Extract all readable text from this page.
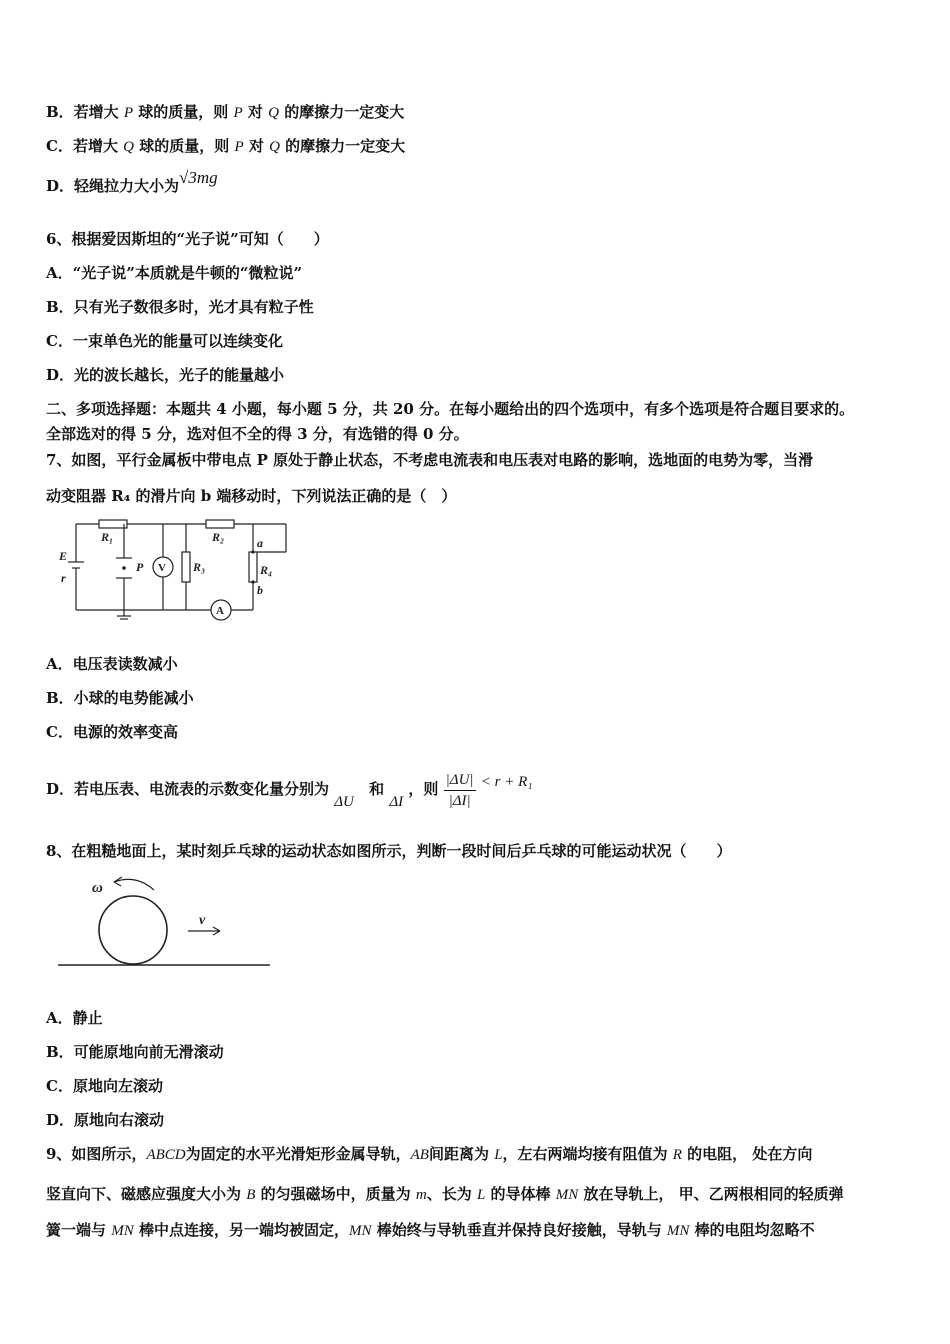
B．若增大 P 球的质量，则 P 对 Q 的摩擦力一定变大
C．若增大 Q 球的质量，则 P 对 Q 的摩擦力一定变大
D．轻绳拉力大小为√3mg
6、根据爱因斯坦的“光子说”可知（　　）
A．“光子说”本质就是牛顿的“微粒说”
B．只有光子数很多时，光才具有粒子性
C．一束单色光的能量可以连续变化
D．光的波长越长，光子的能量越小
二、多项选择题：本题共 4 小题，每小题 5 分，共 20 分。在每小题给出的四个选项中，有多个选项是符合题目要求的。
全部选对的得 5 分，选对但不全的得 3 分，有选错的得 0 分。
7、如图，平行金属板中带电点 P 原处于静止状态，不考虑电流表和电压表对电路的影响，选地面的电势为零，当滑
动变阻器 R₄ 的滑片向 b 端移动时，下列说法正确的是（　）
E
r
R₁	R₂
R₃	R₄
P V
A
a
b
A．电压表读数减小
B．小球的电势能减小
C．电源的效率变高
D．若电压表、电流表的示数变化量分别为 ΔU 和 ΔI ，则 $\frac{|\Delta U|}{|\Delta I|} < r + R_1$
8、在粗糙地面上，某时刻乒乓球的运动状态如图所示，判断一段时间后乒乓球的可能运动状况（　　）
ω
v
A．静止
B．可能原地向前无滑滚动
C．原地向左滚动
D．原地向右滚动
9、如图所示，ABCD为固定的水平光滑矩形金属导轨，AB间距离为 L，左右两端均接有阻值为 R 的电阻， 处在方向
竖直向下、磁感应强度大小为 B 的匀强磁场中，质量为 m、长为 L 的导体棒 MN 放在导轨上， 甲、乙两根相同的轻质弹
簧一端与 MN 棒中点连接，另一端均被固定，MN 棒始终与导轨垂直并保持良好接触，导轨与 MN 棒的电阻均忽略不
